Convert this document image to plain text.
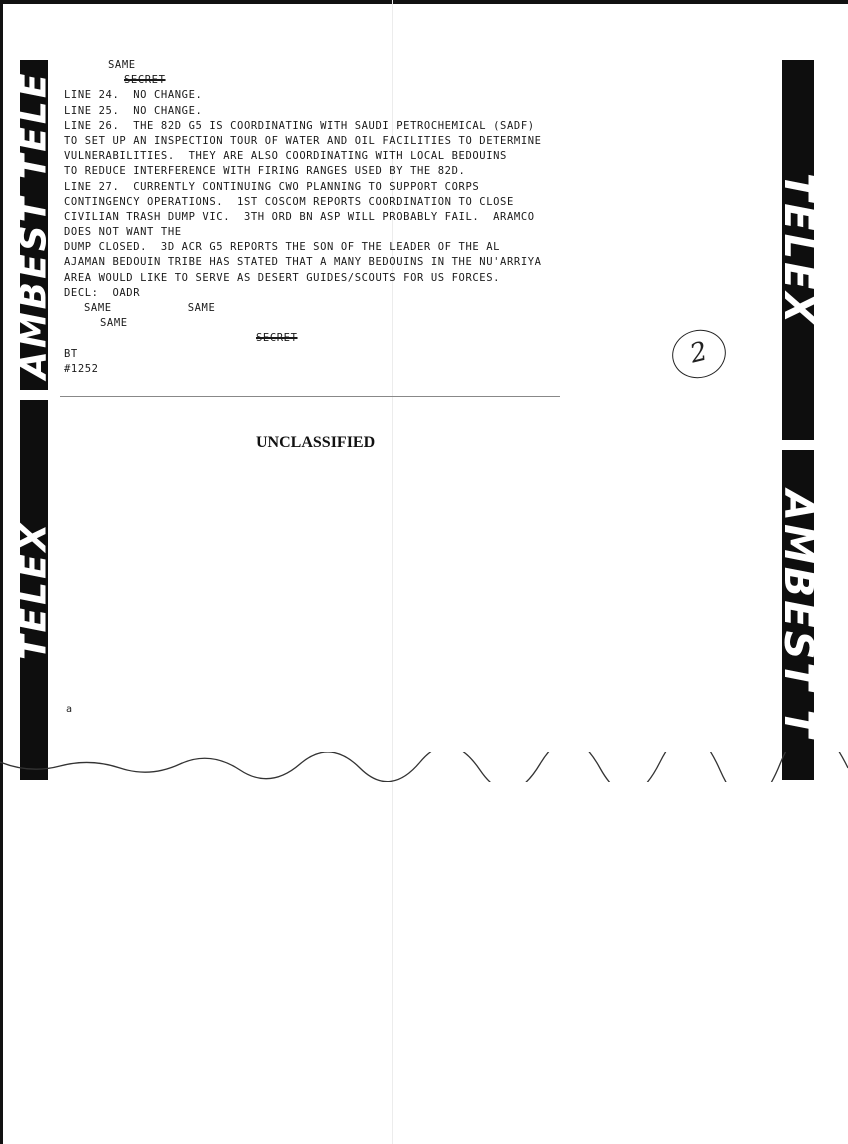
AMBEST TELE
TELEX
TELEX
AMBEST T
SAME
SECRET
LINE 24.  NO CHANGE.
LINE 25.  NO CHANGE.
LINE 26.  THE 82D G5 IS COORDINATING WITH SAUDI PETROCHEMICAL (SADF)
TO SET UP AN INSPECTION TOUR OF WATER AND OIL FACILITIES TO DETERMINE
VULNERABILITIES.  THEY ARE ALSO COORDINATING WITH LOCAL BEDOUINS
TO REDUCE INTERFERENCE WITH FIRING RANGES USED BY THE 82D.
LINE 27.  CURRENTLY CONTINUING CWO PLANNING TO SUPPORT CORPS
CONTINGENCY OPERATIONS.  1ST COSCOM REPORTS COORDINATION TO CLOSE
CIVILIAN TRASH DUMP VIC.  3TH ORD BN ASP WILL PROBABLY FAIL.  ARAMCO
DOES NOT WANT THE
DUMP CLOSED.  3D ACR G5 REPORTS THE SON OF THE LEADER OF THE AL
AJAMAN BEDOUIN TRIBE HAS STATED THAT A MANY BEDOUINS IN THE NU'ARRIYA
AREA WOULD LIKE TO SERVE AS DESERT GUIDES/SCOUTS FOR US FORCES.
DECL:  OADR
SAME	SAME
SAME
SECRET
BT
#1252	2
UNCLASSIFIED
a
